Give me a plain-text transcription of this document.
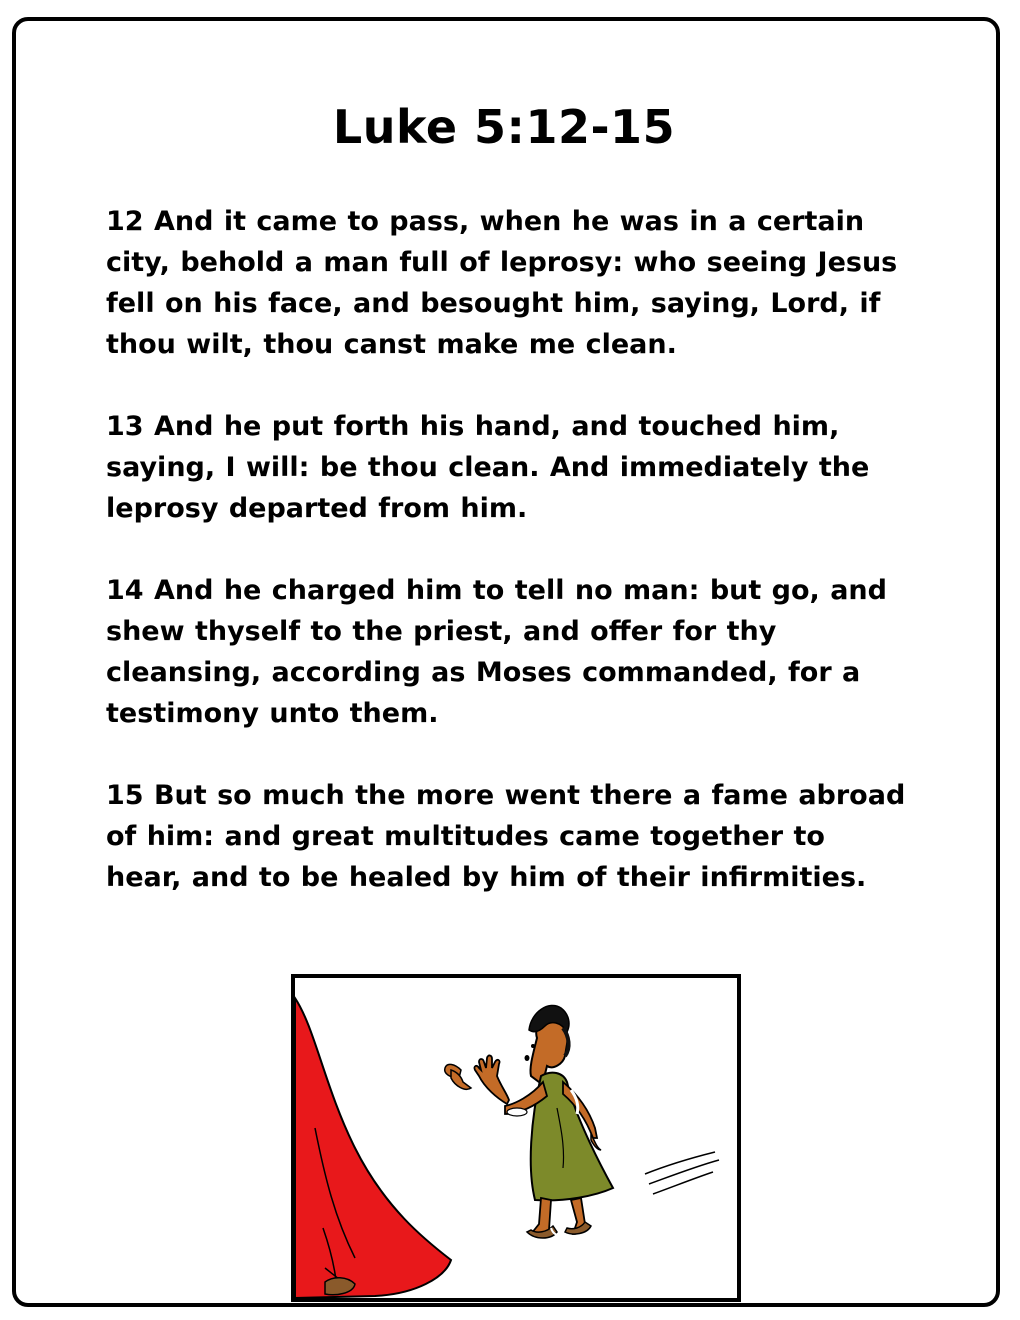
Luke 5:12-15

12 And it came to pass, when he was in a certain city, behold a man full of leprosy: who seeing Jesus fell on his face, and besought him, saying, Lord, if thou wilt, thou canst make me clean.

13 And he put forth his hand, and touched him, saying, I will: be thou clean. And immediately the leprosy departed from him.

14 And he charged him to tell no man: but go, and shew thyself to the priest, and offer for thy cleansing, according as Moses commanded, for a testimony unto them.

15 But so much the more went there a fame abroad of him: and great multitudes came together to hear, and to be healed by him of their infirmities.
